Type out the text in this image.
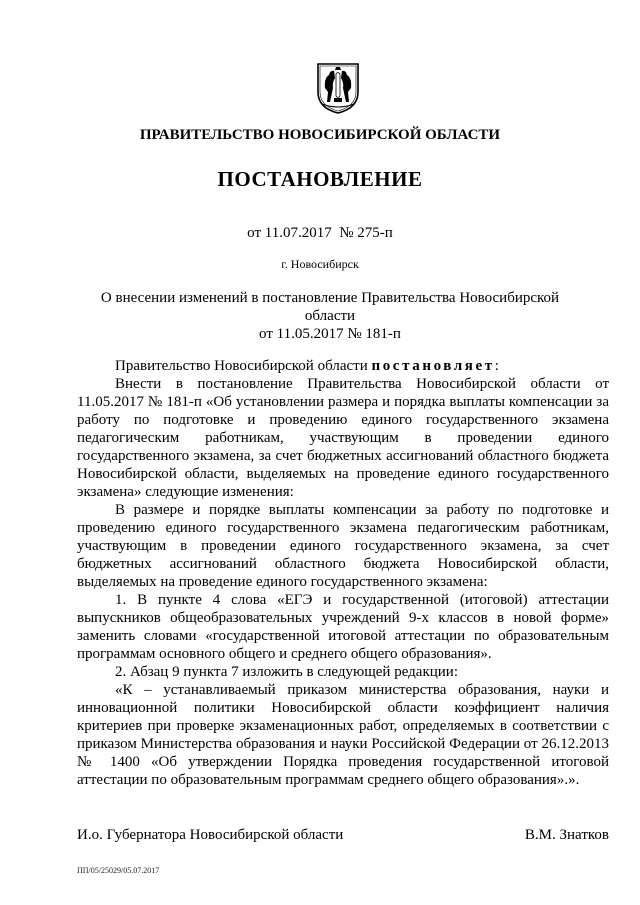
ПРАВИТЕЛЬСТВО НОВОСИБИРСКОЙ ОБЛАСТИ
ПОСТАНОВЛЕНИЕ
от 11.07.2017  № 275-п
г. Новосибирск
О внесении изменений в постановление Правительства Новосибирской области
от 11.05.2017 № 181-п

Правительство Новосибирской области постановляет:

Внести в постановление Правительства Новосибирской области от 11.05.2017 № 181-п «Об установлении размера и порядка выплаты компенсации за работу по подготовке и проведению единого государственного экзамена педагогическим работникам, участвующим в проведении единого государственного экзамена, за счет бюджетных ассигнований областного бюджета Новосибирской области, выделяемых на проведение единого государственного экзамена» следующие изменения:

В размере и порядке выплаты компенсации за работу по подготовке и проведению единого государственного экзамена педагогическим работникам, участвующим в проведении единого государственного экзамена, за счет бюджетных ассигнований областного бюджета Новосибирской области, выделяемых на проведение единого государственного экзамена:

1. В пункте 4 слова «ЕГЭ и государственной (итоговой) аттестации выпускников общеобразовательных учреждений 9-х классов в новой форме» заменить словами «государственной итоговой аттестации по образовательным программам основного общего и среднего общего образования».

2. Абзац 9 пункта 7 изложить в следующей редакции:

«К – устанавливаемый приказом министерства образования, науки и инновационной политики Новосибирской области коэффициент наличия критериев при проверке экзаменационных работ, определяемых в соответствии с приказом Министерства образования и науки Российской Федерации от 26.12.2013 № 1400 «Об утверждении Порядка проведения государственной итоговой аттестации по образовательным программам среднего общего образования».».

И.о. Губернатора Новосибирской области	В.М. Знатков
ПП/05/25029/05.07.2017
